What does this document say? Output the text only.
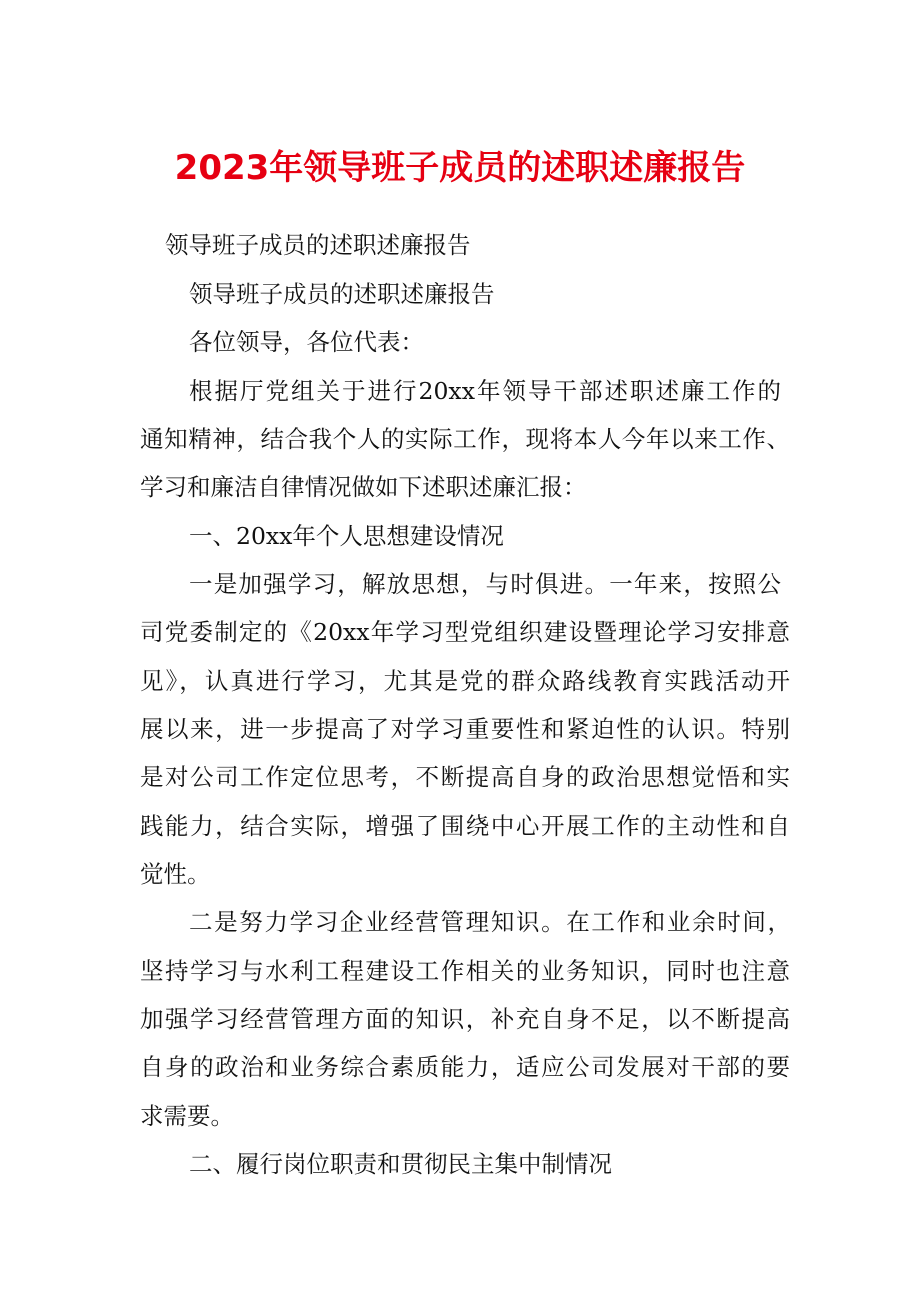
2023年领导班子成员的述职述廉报告

领导班子成员的述职述廉报告

领导班子成员的述职述廉报告

各位领导，各位代表：

根据厅党组关于进行20xx年领导干部述职述廉工作的

通知精神，结合我个人的实际工作，现将本人今年以来工作、

学习和廉洁自律情况做如下述职述廉汇报：

一、20xx年个人思想建设情况

一是加强学习，解放思想，与时俱进。一年来，按照公

司党委制定的《20xx年学习型党组织建设暨理论学习安排意

见》，认真进行学习，尤其是党的群众路线教育实践活动开

展以来，进一步提高了对学习重要性和紧迫性的认识。特别

是对公司工作定位思考，不断提高自身的政治思想觉悟和实

践能力，结合实际，增强了围绕中心开展工作的主动性和自

觉性。

二是努力学习企业经营管理知识。在工作和业余时间，

坚持学习与水利工程建设工作相关的业务知识，同时也注意

加强学习经营管理方面的知识，补充自身不足，以不断提高

自身的政治和业务综合素质能力，适应公司发展对干部的要

求需要。

二、履行岗位职责和贯彻民主集中制情况
